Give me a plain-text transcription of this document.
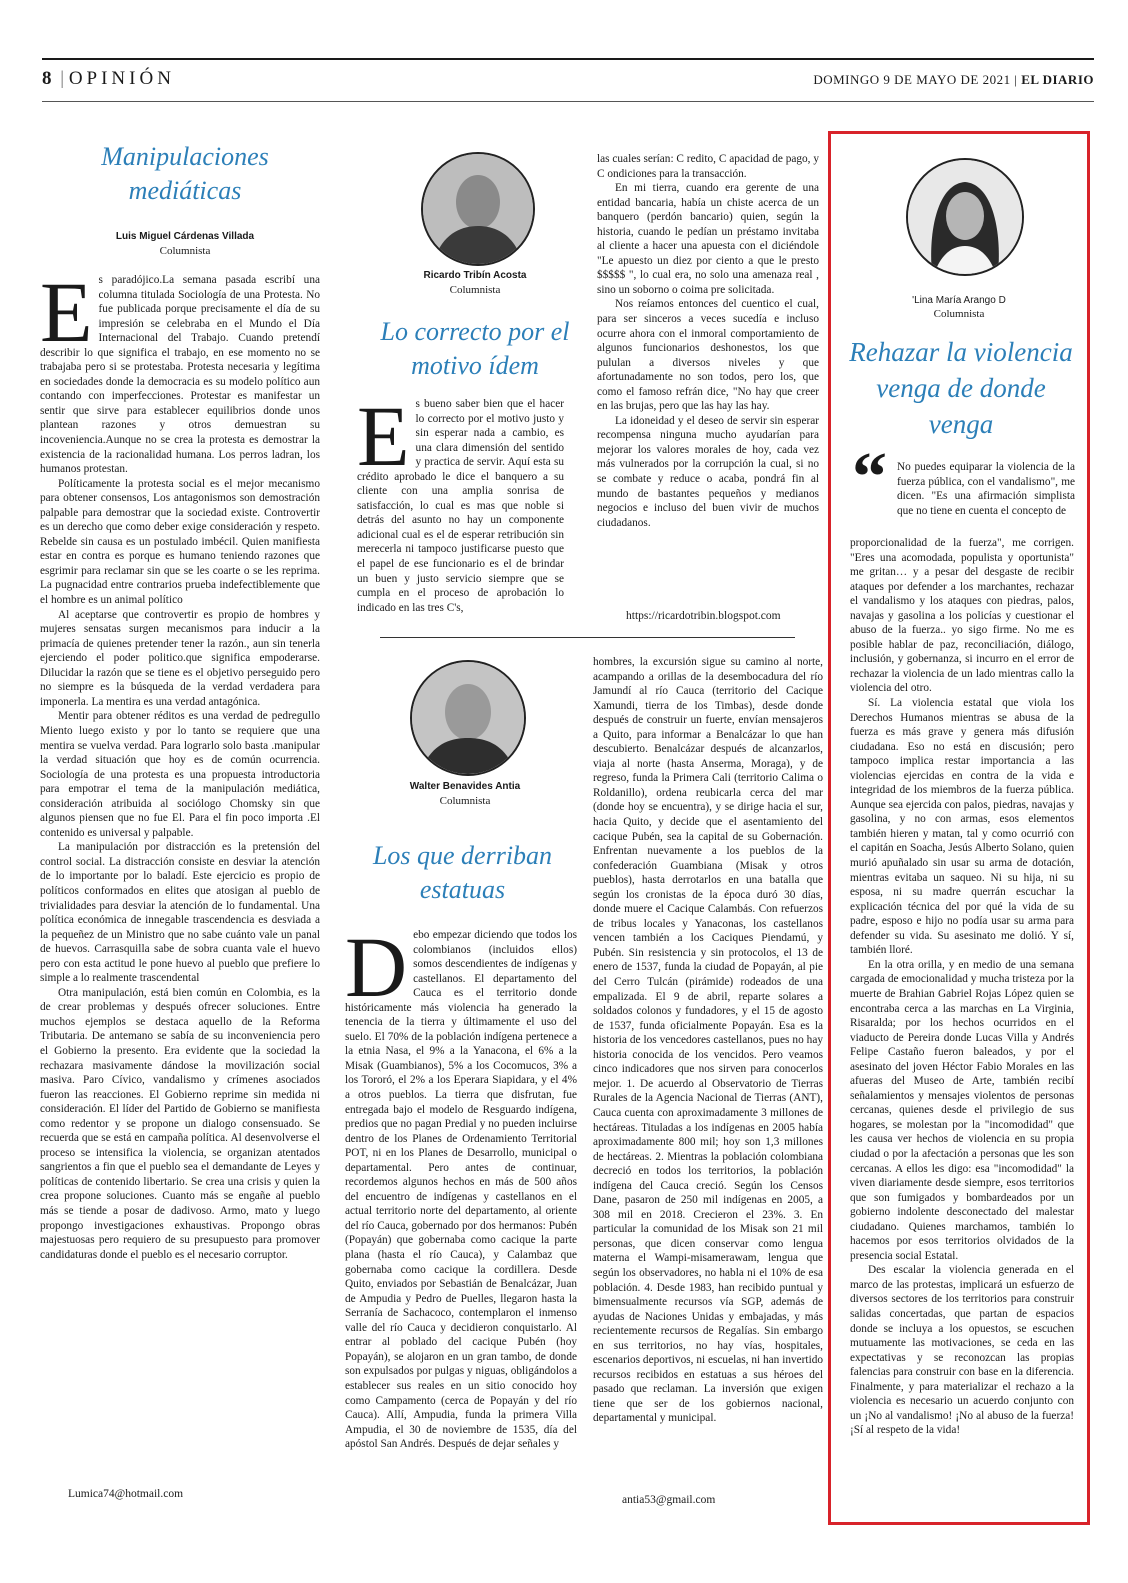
8 | OPINIÓN	DOMINGO 9 DE MAYO DE 2021 | EL DIARIO
Manipulaciones mediáticas
Luis Miguel Cárdenas Villada
Columnista

Es paradójico.La semana pasada escribí una columna titulada Sociología de una Protesta. No fue publicada porque precisamente el día de su impresión se celebraba en el Mundo el Día Internacional del Trabajo. Cuando pretendí describir lo que significa el trabajo, en ese momento no se trabajaba pero si se protestaba. Protesta necesaria y legítima en sociedades donde la democracia es su modelo político aun contando con imperfecciones. Protestar es manifestar un sentir que sirve para establecer equilibrios donde unos plantean razones y otros demuestran su incoveniencia.Aunque no se crea la protesta es demostrar la existencia de la racionalidad humana. Los perros ladran, los humanos protestan.

Políticamente la protesta social es el mejor mecanismo para obtener consensos, Los antagonismos son demostración palpable para demostrar que la sociedad existe. Controvertir es un derecho que como deber exige consideración y respeto. Rebelde sin causa es un postulado imbécil. Quien manifiesta estar en contra es porque es humano teniendo razones que esgrimir para reclamar sin que se les coarte o se les reprima. La pugnacidad entre contrarios prueba indefectiblemente que el hombre es un animal político

Al aceptarse que controvertir es propio de hombres y mujeres sensatas surgen mecanismos para inducir a la primacía de quienes pretender tener la razón., aun sin tenerla ejerciendo el poder politico.que significa empoderarse. Dilucidar la razón que se tiene es el objetivo perseguido pero no siempre es la búsqueda de la verdad verdadera para imponerla. La mentira es una verdad antagónica.

Mentir para obtener réditos es una verdad de pedregullo Miento luego existo y por lo tanto se requiere que una mentira se vuelva verdad. Para lograrlo solo basta .manipular la verdad situación que hoy es de común ocurrencia. Sociología de una protesta es una propuesta introductoria para empotrar el tema de la manipulación mediática, consideración atribuida al sociólogo Chomsky sin que algunos piensen que no fue El. Para el fin poco importa .El contenido es universal y palpable.

La manipulación por distracción es la pretensión del control social. La distracción consiste en desviar la atención de lo importante por lo baladí. Este ejercicio es propio de políticos conformados en elites que atosigan al pueblo de trivialidades para desviar la atención de lo fundamental. Una política económica de innegable trascendencia es desviada a la pequeñez de un Ministro que no sabe cuánto vale un panal de huevos. Carrasquilla sabe de sobra cuanta vale el huevo pero con esta actitud le pone huevo al pueblo que prefiere lo simple a lo realmente trascendental

Otra manipulación, está bien común en Colombia, es la de crear problemas y después ofrecer soluciones. Entre muchos ejemplos se destaca aquello de la Reforma Tributaria. De antemano se sabía de su inconveniencia pero el Gobierno la presento. Era evidente que la sociedad la rechazara masivamente dándose la movilización social masiva. Paro Cívico, vandalismo y crímenes asociados fueron las reacciones. El Gobierno reprime sin medida ni consideración. El líder del Partido de Gobierno se manifiesta como redentor y se propone un dialogo consensuado. Se recuerda que se está en campaña política. Al desenvolverse el proceso se intensifica la violencia, se organizan atentados sangrientos a fin que el pueblo sea el demandante de Leyes y políticas de contenido libertario. Se crea una crisis y quien la crea propone soluciones. Cuanto más se engañe al pueblo más se tiende a posar de dadivoso. Armo, mato y luego propongo investigaciones exhaustivas. Propongo obras majestuosas pero requiero de su presupuesto para promover candidaturas donde el pueblo es el necesario corruptor.

Lumica74@hotmail.com
Ricardo Tribín Acosta
Columnista
Lo correcto por el motivo ídem

Es bueno saber bien que el hacer lo correcto por el motivo justo y sin esperar nada a cambio, es una clara dimensión del sentido y practica de servir. Aquí esta su crédito aprobado le dice el banquero a su cliente con una amplia sonrisa de satisfacción, lo cual es mas que noble si detrás del asunto no hay un componente adicional cual es el de esperar retribución sin merecerla ni tampoco justificarse puesto que el papel de ese funcionario es el de brindar un buen y justo servicio siempre que se cumpla en el proceso de aprobación lo indicado en las tres C's,

las cuales serían: C redito, C apacidad de pago, y C ondiciones para la transacción.

En mi tierra, cuando era gerente de una entidad bancaria, había un chiste acerca de un banquero (perdón bancario) quien, según la historia, cuando le pedían un préstamo invitaba al cliente a hacer una apuesta con el diciéndole "Le apuesto un diez por ciento a que le presto $$$$$ ", lo cual era, no solo una amenaza real , sino un soborno o coima pre solicitada.

Nos reíamos entonces del cuentico el cual, para ser sinceros a veces sucedía e incluso ocurre ahora con el inmoral comportamiento de algunos funcionarios deshonestos, los que pululan a diversos niveles y que afortunadamente no son todos, pero los, que como el famoso refrán dice, "No hay que creer en las brujas, pero que las hay las hay.

La idoneidad y el deseo de servir sin esperar recompensa ninguna mucho ayudarían para mejorar los valores morales de hoy, cada vez más vulnerados por la corrupción la cual, si no se combate y reduce o acaba, pondrá fin al mundo de bastantes pequeños y medianos negocios e incluso del buen vivir de muchos ciudadanos.

https://ricardotribin.blogspot.com
Walter Benavides Antia
Columnista
Los que derriban estatuas

Debo empezar diciendo que todos los colombianos (incluidos ellos) somos descendientes de indígenas y castellanos. El departamento del Cauca es el territorio donde históricamente más violencia ha generado la tenencia de la tierra y últimamente el uso del suelo. El 70% de la población indígena pertenece a la etnia Nasa, el 9% a la Yanacona, el 6% a la Misak (Guambianos), 5% a los Cocomucos, 3% a los Tororó, el 2% a los Eperara Siapidara, y el 4% a otros pueblos. La tierra que disfrutan, fue entregada bajo el modelo de Resguardo indígena, predios que no pagan Predial y no pueden incluirse dentro de los Planes de Ordenamiento Territorial POT, ni en los Planes de Desarrollo, municipal o departamental. Pero antes de continuar, recordemos algunos hechos en más de 500 años del encuentro de indígenas y castellanos en el actual territorio norte del departamento, al oriente del río Cauca, gobernado por dos hermanos: Pubén (Popayán) que gobernaba como cacique la parte plana (hasta el río Cauca), y Calambaz que gobernaba como cacique la cordillera. Desde Quito, enviados por Sebastián de Benalcázar, Juan de Ampudia y Pedro de Puelles, llegaron hasta la Serranía de Sachacoco, contemplaron el inmenso valle del río Cauca y decidieron conquistarlo. Al entrar al poblado del cacique Pubén (hoy Popayán), se alojaron en un gran tambo, de donde son expulsados por pulgas y niguas, obligándolos a establecer sus reales en un sitio conocido hoy como Campamento (cerca de Popayán y del río Cauca). Allí, Ampudia, funda la primera Villa Ampudia, el 30 de noviembre de 1535, día del apóstol San Andrés. Después de dejar señales y

hombres, la excursión sigue su camino al norte, acampando a orillas de la desembocadura del río Jamundí al río Cauca (territorio del Cacique Xamundi, tierra de los Timbas), desde donde después de construir un fuerte, envían mensajeros a Quito, para informar a Benalcázar lo que han descubierto. Benalcázar después de alcanzarlos, viaja al norte (hasta Anserma, Moraga), y de regreso, funda la Primera Cali (territorio Calima o Roldanillo), ordena reubicarla cerca del mar (donde hoy se encuentra), y se dirige hacia el sur, hacia Quito, y decide que el asentamiento del cacique Pubén, sea la capital de su Gobernación. Enfrentan nuevamente a los pueblos de la confederación Guambiana (Misak y otros pueblos), hasta derrotarlos en una batalla que según los cronistas de la época duró 30 días, donde muere el Cacique Calambás. Con refuerzos de tribus locales y Yanaconas, los castellanos vencen también a los Caciques Piendamú, y Pubén. Sin resistencia y sin protocolos, el 13 de enero de 1537, funda la ciudad de Popayán, al pie del Cerro Tulcán (pirámide) rodeados de una empalizada. El 9 de abril, reparte solares a soldados colonos y fundadores, y el 15 de agosto de 1537, funda oficialmente Popayán. Esa es la historia de los vencedores castellanos, pues no hay historia conocida de los vencidos. Pero veamos cinco indicadores que nos sirven para conocerlos mejor. 1. De acuerdo al Observatorio de Tierras Rurales de la Agencia Nacional de Tierras (ANT), Cauca cuenta con aproximadamente 3 millones de hectáreas. Tituladas a los indígenas en 2005 había aproximadamente 800 mil; hoy son 1,3 millones de hectáreas. 2. Mientras la población colombiana decreció en todos los territorios, la población indígena del Cauca creció. Según los Censos Dane, pasaron de 250 mil indígenas en 2005, a 308 mil en 2018. Crecieron el 23%. 3. En particular la comunidad de los Misak son 21 mil personas, que dicen conservar como lengua materna el Wampi-misamerawam, lengua que según los observadores, no habla ni el 10% de esa población. 4. Desde 1983, han recibido puntual y bimensualmente recursos vía SGP, además de ayudas de Naciones Unidas y embajadas, y más recientemente recursos de Regalías. Sin embargo en sus territorios, no hay vías, hospitales, escenarios deportivos, ni escuelas, ni han invertido recursos recibidos en estatuas a sus héroes del pasado que reclaman. La inversión que exigen tiene que ser de los gobiernos nacional, departamental y municipal.

antia53@gmail.com
'Lina María Arango D
Columnista
Rehazar la violencia venga de donde venga
“ No puedes equiparar la violencia de la fuerza pública, con el vandalismo", me dicen. "Es una afirmación simplista que no tiene en cuenta el concepto de

proporcionalidad de la fuerza", me corrigen. "Eres una acomodada, populista y oportunista" me gritan… y a pesar del desgaste de recibir ataques por defender a los marchantes, rechazar el vandalismo y los ataques con piedras, palos, navajas y gasolina a los policías y cuestionar el abuso de la fuerza.. yo sigo firme. No me es posible hablar de paz, reconciliación, diálogo, inclusión, y gobernanza, si incurro en el error de rechazar la violencia de un lado mientras callo la violencia del otro.

Sí. La violencia estatal que viola los Derechos Humanos mientras se abusa de la fuerza es más grave y genera más difusión ciudadana. Eso no está en discusión; pero tampoco implica restar importancia a las violencias ejercidas en contra de la vida e integridad de los miembros de la fuerza pública. Aunque sea ejercida con palos, piedras, navajas y gasolina, y no con armas, esos elementos también hieren y matan, tal y como ocurrió con el capitán en Soacha, Jesús Alberto Solano, quien murió apuñalado sin usar su arma de dotación, mientras evitaba un saqueo. Ni su hija, ni su esposa, ni su madre querrán escuchar la explicación técnica del por qué la vida de su padre, esposo e hijo no podía usar su arma para defender su vida. Su asesinato me dolió. Y sí, también lloré.

En la otra orilla, y en medio de una semana cargada de emocionalidad y mucha tristeza por la muerte de Brahian Gabriel Rojas López quien se encontraba cerca a las marchas en La Virginia, Risaralda; por los hechos ocurridos en el viaducto de Pereira donde Lucas Villa y Andrés Felipe Castaño fueron baleados, y por el asesinato del joven Héctor Fabio Morales en las afueras del Museo de Arte, también recibí señalamientos y mensajes violentos de personas cercanas, quienes desde el privilegio de sus hogares, se molestan por la "incomodidad" que les causa ver hechos de violencia en su propia ciudad o por la afectación a personas que les son cercanas. A ellos les digo: esa "incomodidad" la viven diariamente desde siempre, esos territorios que son fumigados y bombardeados por un gobierno indolente desconectado del malestar ciudadano. Quienes marchamos, también lo hacemos por esos territorios olvidados de la presencia social Estatal.

Des escalar la violencia generada en el marco de las protestas, implicará un esfuerzo de diversos sectores de los territorios para construir salidas concertadas, que partan de espacios donde se incluya a los opuestos, se escuchen mutuamente las motivaciones, se ceda en las expectativas y se reconozcan las propias falencias para construir con base en la diferencia. Finalmente, y para materializar el rechazo a la violencia es necesario un acuerdo conjunto con un ¡No al vandalismo! ¡No al abuso de la fuerza! ¡Sí al respeto de la vida!
